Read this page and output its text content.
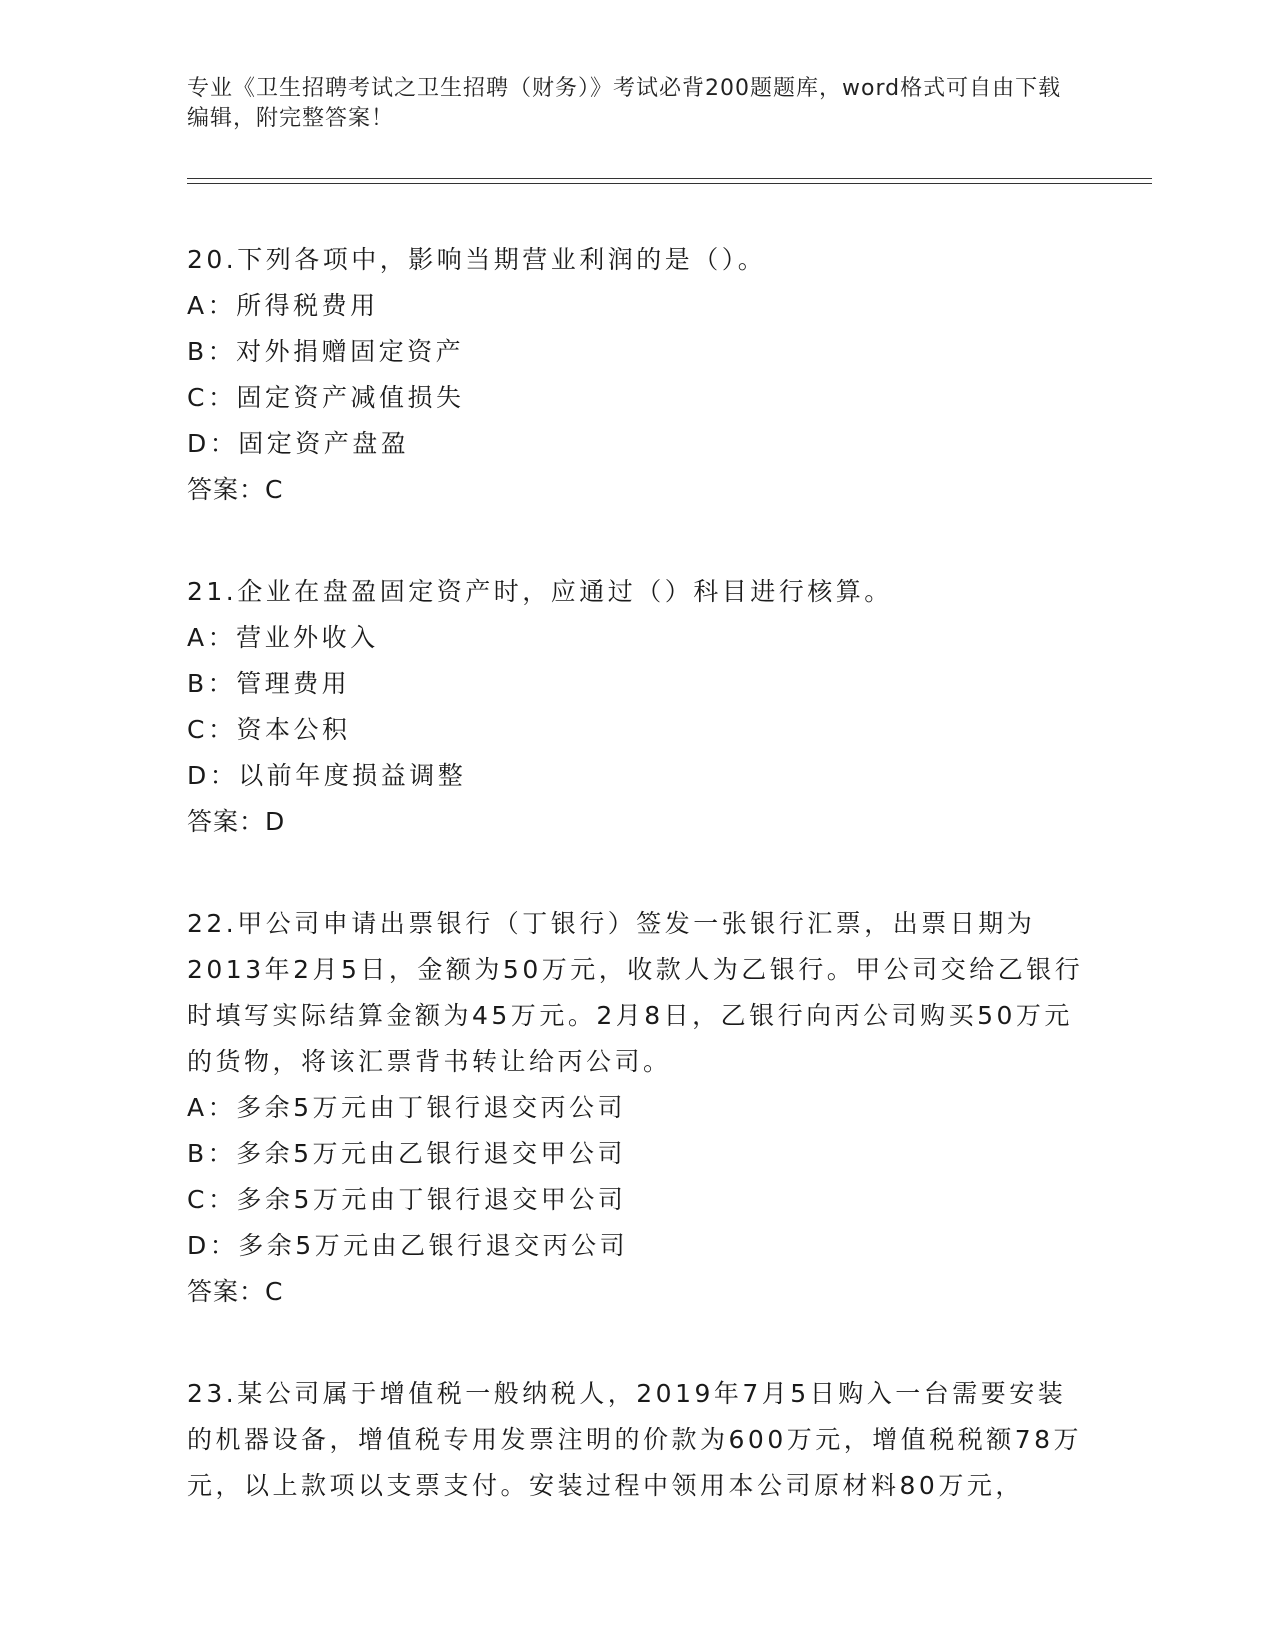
专业《卫生招聘考试之卫生招聘（财务）》考试必背200题题库，word格式可自由下载编辑，附完整答案！

20.下列各项中，影响当期营业利润的是（）。

A：所得税费用

B：对外捐赠固定资产

C：固定资产减值损失

D：固定资产盘盈

答案：C

21.企业在盘盈固定资产时，应通过（）科目进行核算。

A：营业外收入

B：管理费用

C：资本公积

D：以前年度损益调整

答案：D

22.甲公司申请出票银行（丁银行）签发一张银行汇票，出票日期为2013年2月5日，金额为50万元，收款人为乙银行。甲公司交给乙银行时填写实际结算金额为45万元。2月8日，乙银行向丙公司购买50万元的货物，将该汇票背书转让给丙公司。

A：多余5万元由丁银行退交丙公司

B：多余5万元由乙银行退交甲公司

C：多余5万元由丁银行退交甲公司

D：多余5万元由乙银行退交丙公司

答案：C

23.某公司属于增值税一般纳税人，2019年7月5日购入一台需要安装的机器设备，增值税专用发票注明的价款为600万元，增值税税额78万元，以上款项以支票支付。安装过程中领用本公司原材料80万元，
